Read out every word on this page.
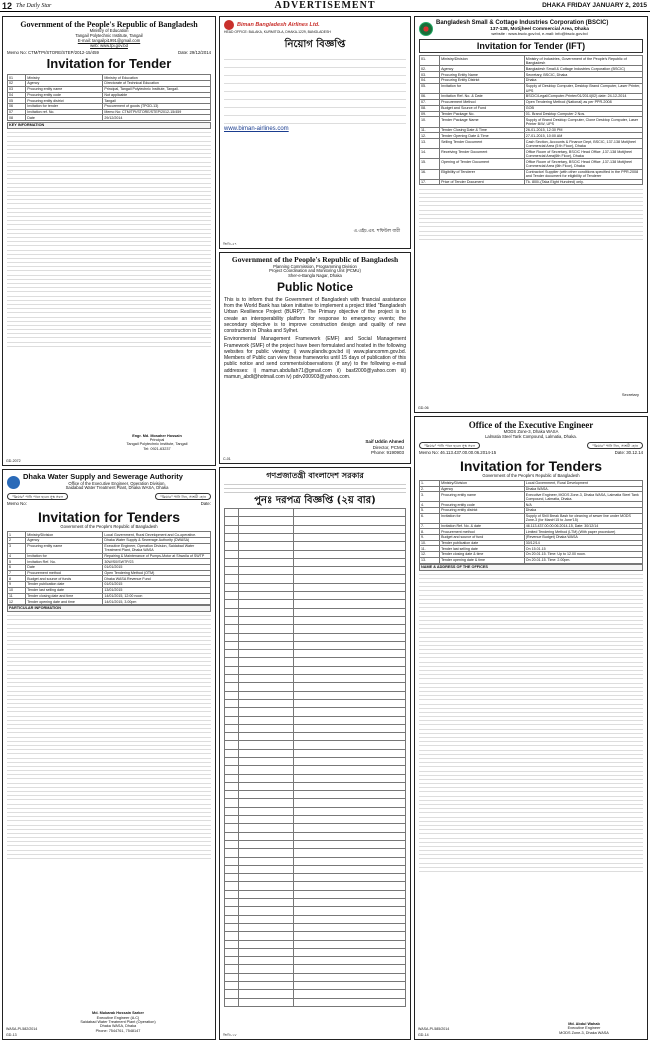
12 The Daily Star	ADVERTISEMENT	DHAKA FRIDAY JANUARY 2, 2015
Government of the People's Republic of Bangladesh
Ministry of Education
Tangail Polytechnic Institute, Tangail
E-mail: tangailpi1991@gmail.com
web: www.tpi.gov.bd
Memo No: CTM/TPI/STORE/STEP/2012-15/459	Date: 29/12/2014
Invitation for Tender
01	Ministry	Ministry of Education
02	Agency	Directorate of Technical Education
03	Procuring entity name	Principal, Tangail Polytechnic Institute, Tangail.
04	Procuring entity code	Not applicable
05	Procuring entity district	Tangail
06	Invitation for tender	Procurement of goods (TPGD-13)
07	Invitation ref. No.	Memo No: CTM/TPI/STORE/STEP/2012-15/459
08	Date	29/12/2014
KEY INFORMATION
Engr. Md. Mosaher Hossain
Principal
Tangail Polytechnic Institute, Tangail
Tel: 0921-63237
GD-2072
Biman Bangladesh Airlines Ltd.
HEAD OFFICE: BALAKA, KURMITOLA, DHAKA-1229, BANGLADESH
নিয়োগ বিজ্ঞপ্তি
www.biman-airlines.com
এ.এইচ.এম. শফিউল বারী
জিডি-৫৭
Government of the People's Republic of Bangladesh
Planning Commission, Programming Division
Project Coordination and Monitoring Unit (PCMU)
Sher-e-Bangla Nagar, Dhaka
Public Notice

This is to inform that the Government of Bangladesh with financial assistance from the World Bank has taken initiative to implement a project titled "Bangladesh Urban Resilience Project (BURP)". The Primary objective of the project is to create an interoperability platform for response to emergency events; the secondary objective is to improve construction design and quality of new construction in Dhaka and Sylhet.

Environmental Management Framework (EMF) and Social Management Framework (SMF) of the project have been formulated and hosted in the following websites for public viewing: i) www.plandiv.gov.bd ii) www.plancomm.gov.bd. Members of Public can view these frameworks until 15 days of publication of this public notice and send comments/observations (if any) to the following e-mail addresses: i) mamun.abdullah71@gmail.com ii) basf2000@yahoo.com iii) mamun_abdl@hotmail.com iv) pdrv200903@yahoo.com.

Saif Uddin Ahmed
Director, PCMU
Phone: 9190903
C-01
Bangladesh Small & Cottage Industries Corporation (BSCIC)
137-138, Motijheel Commercial Area, Dhaka
website : www.bscic.gov.bd, e-mail: info@bscic.gov.bd
Invitation for Tender (IFT)
01.	Ministry/Division	Ministry of Industries, Government of the People's Republic of Bangladesh
02.	Agency	Bangladesh Small & Cottage Industries Corporation (BSCIC)
03.	Procuring Entity Name	Secretary, BSCIC, Dhaka
04.	Procuring Entity District	Dhaka
05.	Invitation for	Supply of Desktop Computer, Desktop Brand Computer, Laser Printer, UPS
06.	Invitation Ref. No. & Date	BSCIC/Legal/Computer-Printer/01/2014(02) date: 24-12-2014
07.	Procurement Method	Open Tendering Method (National) as per PPR-2008
08.	Budget and Source of Fund	GOB
09.	Tender Package No.	01. Brand Desktop Computer 2 Nos.
10.	Tender Package Name	Supply of Brand Desktop Computer, Clone Desktop Computer, Laser Printer B/W, UPS
11.	Tender Closing Date & Time	26-01-2015, 12:30 PM
12.	Tender Opening Date & Time	27-01-2015, 10:00 AM
13.	Selling Tender Document	Cash Section, Accounts & Finance Dept, BSCIC, 137-138 Motijheel Commercial Area (5 th Floor), Dhaka
14.	Receiving Tender Document	Office Room of Secretary, BSCIC Head Office ,137-138 Motijheel Commercial Area(6th Floor), Dhaka
15.	Opening of Tender Document	Office Room of Secretary, BSCIC Head Office ,137-138 Motijheel Commercial Area (6th Floor), Dhaka
16.	Eligibility of Tenderer	Contractor/ Supplier (with other conditions specified in the PPR-2008 and Tender document for eligibility of Tenderer
17.	Price of Tender Document	Tk. 800/-(Taka Eight Hundred) only.
Secretary
GD-06
Office of the Executive Engineer
MODS Zone-3, Dhaka WASA
Lalmatia Steel Tank Compound, Lalmatia, Dhaka.
"ক্লিয়ার" পানি পানে হবেন সুস্থ সবল	"ক্লিয়ার" পানি নিন, সাশ্রয়ী হোন
Memo No: 46.113.437.00.00.06.2014-15	Date: 30.12.14
Invitation for Tenders
Government of the People's Republic of Bangladesh
1.	Ministry/Division	Local Government, Rural Development
2.	Agency	Dhaka WASA.
3.	Procuring entity name	Executive Engineer, MODS Zone-3, Dhaka WASA, Lalmatia Steel Tank Compound, Lalmatia, Dhaka.
4.	Procuring entity code	N/A
5.	Procuring entity district	Dhaka
6.	Invitation for	Supply of Shill Break Bash for cleaning of sewer line under MODS Zone-3 (for March'15 to June'15)
7.	Invitation Ref. No. & date	46.113.437.00.00.06.2014-15, Date: 30/12/14
8.	Procurement method	Limited Tendering Method (LTM) (With paper procedure)
9.	Budget and source of fund	(Revenue Budget) Dhaka WASA
10.	Tender publication date	30/12/14
11.	Tender last selling date	On 15.01.15
12.	Tender closing date & time	On 20.01.15. Time: Up to 12.00 noon.
13.	Tender opening date & time	On 20.01.15. Time: 2.00pm.
NAME & ADDRESS OF THE OFFICES
Md. Abdul Wahab
Executive Engineer
MODS Zone-3, Dhaka WASA
WASA-PI-585/2014
GD-14
Dhaka Water Supply and Sewerage Authority
Office of the Executive Engineer, Operation Division,
Saidabad Water Treatment Plant, Dhaka WASA, Dhaka
"ক্লিয়ার" পানি পানে হবেন সুস্থ সবল	"ক্লিয়ার" পানি নিন, সাশ্রয়ী হোন
Memo No:	Date:
Invitation for Tenders
Government of the People's Republic of Bangladesh
1	Ministry/Division	Local Government, Rural Development and Co-operative.
2	Agency	Dhaka Water Supply & Sewerage Authority (DWASA)
3	Procuring entity name	Executive Engineer, Operation Division, Saidabad Water Treatment Plant, Dhaka WASA
4	Invitation for	Repairing & Maintenance of Pumps-Motor at Shwolla of SWTP
5	Invitation Ref. No.	30W/S0/SWTP/23
6	Date	01/01/2015
7	Procurement method	Open Tendering Method (OTM)
8	Budget and source of funds	Dhaka WASA Revenue Fund
9	Tender publication date	01/01/2015
10	Tender last selling date	13/01/2015
11	Tender closing date and time	14/01/2015, 12:00 noon
12	Tender opening date and time	14/01/2015, 3.00pm
PARTICULAR INFORMATION
Md. Mubarak Hossain Sarker
Executive Engineer (A.C)
Saidabad Water Treatment Plant (Operation)
Dhaka WASA, Dhaka
Phone: 7544761, 7548147
WASA-PI-582/2014
GD-13
গণপ্রজাতন্ত্রী বাংলাদেশ সরকার
পুনঃ দরপত্র বিজ্ঞপ্তি (২য় বার)

জিডি-১৮
